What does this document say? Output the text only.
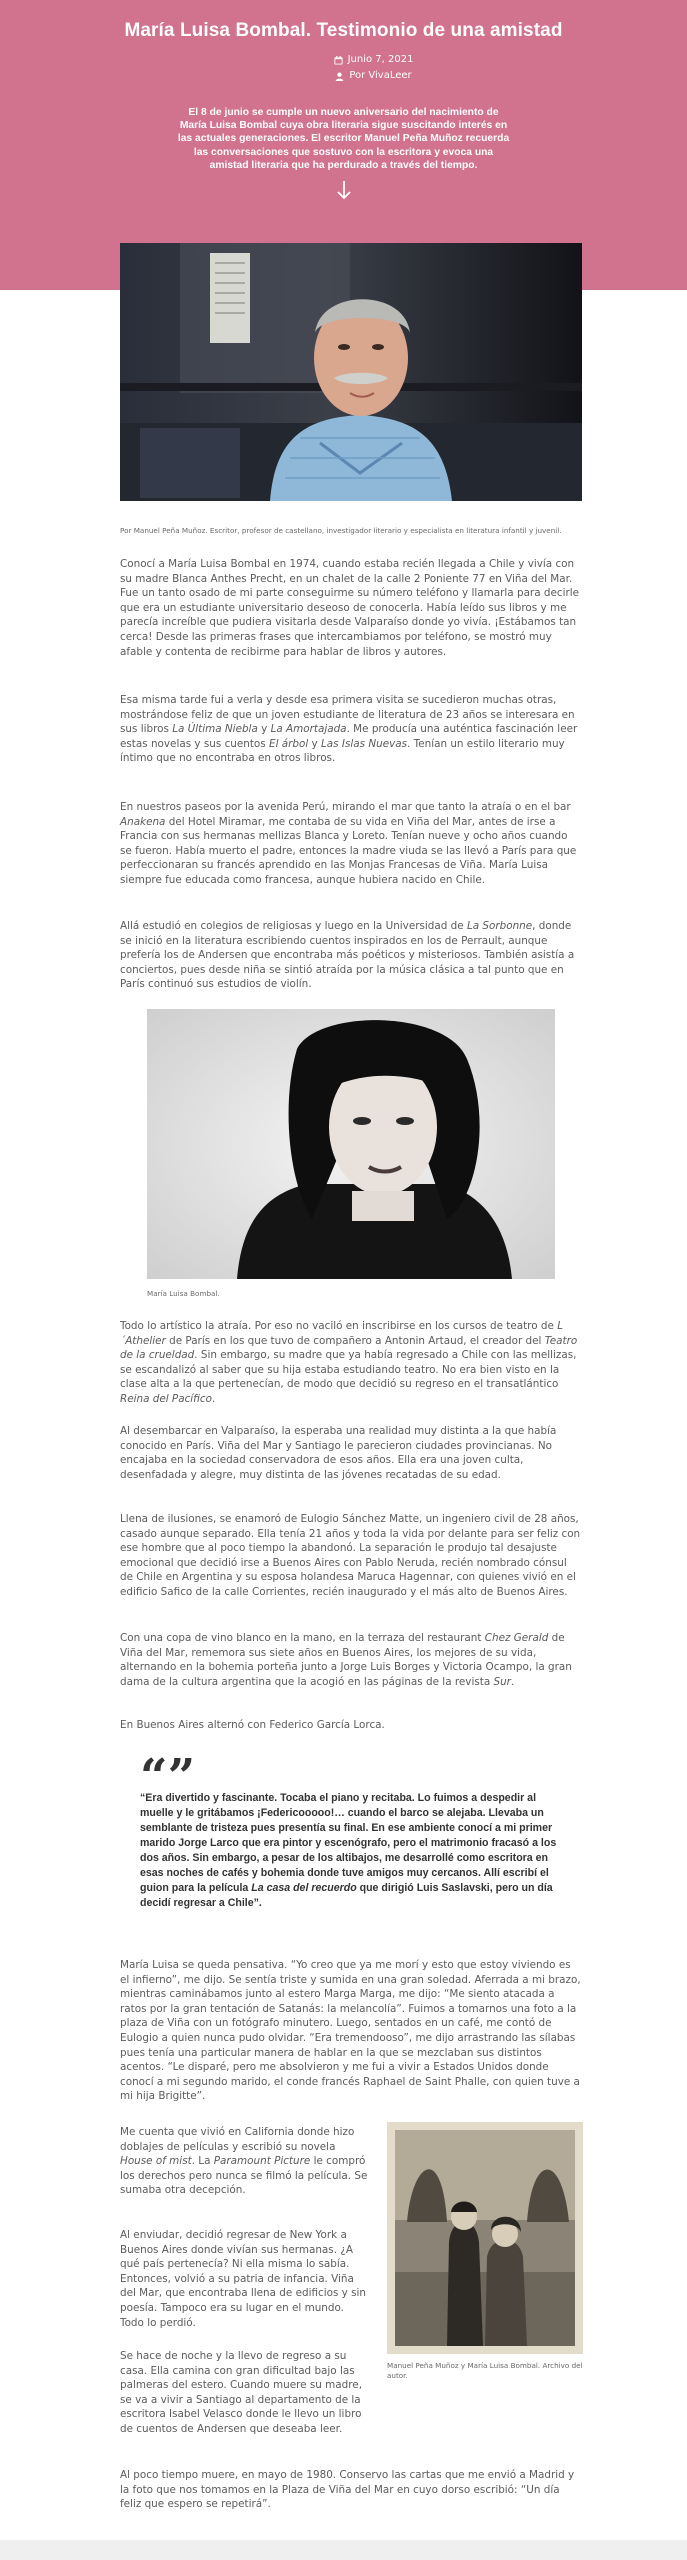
María Luisa Bombal. Testimonio de una amistad
Junio 7, 2021
Por VivaLeer

El 8 de junio se cumple un nuevo aniversario del nacimiento de María Luisa Bombal cuya obra literaria sigue suscitando interés en las actuales generaciones. El escritor Manuel Peña Muñoz recuerda las conversaciones que sostuvo con la escritora y evoca una amistad literaria que ha perdurado a través del tiempo.

Por Manuel Peña Muñoz. Escritor, profesor de castellano, investigador literario y especialista en literatura infantil y juvenil.

Conocí a María Luisa Bombal en 1974, cuando estaba recién llegada a Chile y vivía con su madre Blanca Anthes Precht, en un chalet de la calle 2 Poniente 77 en Viña del Mar. Fue un tanto osado de mi parte conseguirme su número teléfono y llamarla para decirle que era un estudiante universitario deseoso de conocerla. Había leído sus libros y me parecía increíble que pudiera visitarla desde Valparaíso donde yo vivía. ¡Estábamos tan cerca! Desde las primeras frases que intercambiamos por teléfono, se mostró muy afable y contenta de recibirme para hablar de libros y autores.

Esa misma tarde fui a verla y desde esa primera visita se sucedieron muchas otras, mostrándose feliz de que un joven estudiante de literatura de 23 años se interesara en sus libros La Última Niebla y La Amortajada. Me producía una auténtica fascinación leer estas novelas y sus cuentos El árbol y Las Islas Nuevas. Tenían un estilo literario muy íntimo que no encontraba en otros libros.

En nuestros paseos por la avenida Perú, mirando el mar que tanto la atraía o en el bar Anakena del Hotel Miramar, me contaba de su vida en Viña del Mar, antes de irse a Francia con sus hermanas mellizas Blanca y Loreto. Tenían nueve y ocho años cuando se fueron. Había muerto el padre, entonces la madre viuda se las llevó a París para que perfeccionaran su francés aprendido en las Monjas Francesas de Viña. María Luisa siempre fue educada como francesa, aunque hubiera nacido en Chile.

Allá estudió en colegios de religiosas y luego en la Universidad de La Sorbonne, donde se inició en la literatura escribiendo cuentos inspirados en los de Perrault, aunque prefería los de Andersen que encontraba más poéticos y misteriosos. También asistía a conciertos, pues desde niña se sintió atraída por la música clásica a tal punto que en París continuó sus estudios de violín.

María Luisa Bombal.

Todo lo artístico la atraía. Por eso no vaciló en inscribirse en los cursos de teatro de L´Athelier de París en los que tuvo de compañero a Antonin Artaud, el creador del Teatro de la crueldad. Sin embargo, su madre que ya había regresado a Chile con las mellizas, se escandalizó al saber que su hija estaba estudiando teatro. No era bien visto en la clase alta a la que pertenecían, de modo que decidió su regreso en el transatlántico Reina del Pacífico.

Al desembarcar en Valparaíso, la esperaba una realidad muy distinta a la que había conocido en París. Viña del Mar y Santiago le parecieron ciudades provincianas. No encajaba en la sociedad conservadora de esos años. Ella era una joven culta, desenfadada y alegre, muy distinta de las jóvenes recatadas de su edad.

Llena de ilusiones, se enamoró de Eulogio Sánchez Matte, un ingeniero civil de 28 años, casado aunque separado. Ella tenía 21 años y toda la vida por delante para ser feliz con ese hombre que al poco tiempo la abandonó. La separación le produjo tal desajuste emocional que decidió irse a Buenos Aires con Pablo Neruda, recién nombrado cónsul de Chile en Argentina y su esposa holandesa Maruca Hagennar, con quienes vivió en el edificio Safico de la calle Corrientes, recién inaugurado y el más alto de Buenos Aires.

Con una copa de vino blanco en la mano, en la terraza del restaurant Chez Gerald de Viña del Mar, rememora sus siete años en Buenos Aires, los mejores de su vida, alternando en la bohemia porteña junto a Jorge Luis Borges y Victoria Ocampo, la gran dama de la cultura argentina que la acogió en las páginas de la revista Sur.

En Buenos Aires alternó con Federico García Lorca.

“”

“Era divertido y fascinante. Tocaba el piano y recitaba. Lo fuimos a despedir al muelle y le gritábamos ¡Federicooooo!… cuando el barco se alejaba. Llevaba un semblante de tristeza pues presentía su final. En ese ambiente conocí a mi primer marido Jorge Larco que era pintor y escenógrafo, pero el matrimonio fracasó a los dos años. Sin embargo, a pesar de los altibajos, me desarrollé como escritora en esas noches de cafés y bohemia donde tuve amigos muy cercanos. Allí escribí el guion para la película La casa del recuerdo que dirigió Luis Saslavski, pero un día decidí regresar a Chile”.

María Luisa se queda pensativa. “Yo creo que ya me morí y esto que estoy viviendo es el infierno”, me dijo. Se sentía triste y sumida en una gran soledad. Aferrada a mi brazo, mientras caminábamos junto al estero Marga Marga, me dijo: “Me siento atacada a ratos por la gran tentación de Satanás: la melancolía”. Fuimos a tomarnos una foto a la plaza de Viña con un fotógrafo minutero. Luego, sentados en un café, me contó de Eulogio a quien nunca pudo olvidar. “Era tremendooso”, me dijo arrastrando las sílabas pues tenía una particular manera de hablar en la que se mezclaban sus distintos acentos. “Le disparé, pero me absolvieron y me fui a vivir a Estados Unidos donde conocí a mi segundo marido, el conde francés Raphael de Saint Phalle, con quien tuve a mi hija Brigitte”.

Me cuenta que vivió en California donde hizo doblajes de películas y escribió su novela House of mist. La Paramount Picture le compró los derechos pero nunca se filmó la película. Se sumaba otra decepción.

Al enviudar, decidió regresar de New York a Buenos Aires donde vivían sus hermanas. ¿A qué país pertenecía? Ni ella misma lo sabía. Entonces, volvió a su patria de infancia. Viña del Mar, que encontraba llena de edificios y sin poesía. Tampoco era su lugar en el mundo. Todo lo perdió.

Se hace de noche y la llevo de regreso a su casa. Ella camina con gran dificultad bajo las palmeras del estero. Cuando muere su madre, se va a vivir a Santiago al departamento de la escritora Isabel Velasco donde le llevo un libro de cuentos de Andersen que deseaba leer.

Manuel Peña Muñoz y María Luisa Bombal. Archivo del autor.

Al poco tiempo muere, en mayo de 1980. Conservo las cartas que me envió a Madrid y la foto que nos tomamos en la Plaza de Viña del Mar en cuyo dorso escribió: “Un día feliz que espero se repetirá”.
